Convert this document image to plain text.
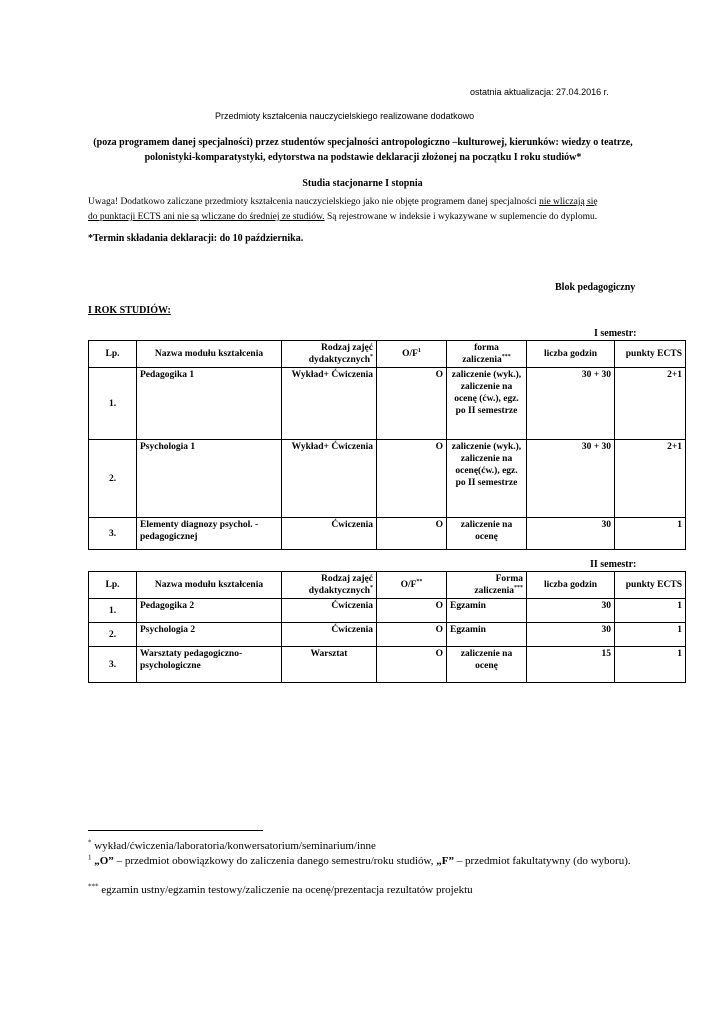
ostatnia aktualizacja: 27.04.2016 r.
Przedmioty kształcenia nauczycielskiego realizowane dodatkowo
(poza programem danej specjalności) przez studentów specjalności antropologiczno –kulturowej, kierunków: wiedzy o teatrze, polonistyki-komparatystyki, edytorstwa na podstawie deklaracji złożonej na początku I roku studiów*
Studia stacjonarne I stopnia
Uwaga! Dodatkowo zaliczane przedmioty kształcenia nauczycielskiego jako nie objęte programem danej specjalności nie wliczają się
do punktacji ECTS ani nie są wliczane do średniej ze studiów. Są rejestrowane w indeksie i wykazywane w suplemencie do dyplomu.
*Termin składania deklaracji: do 10 października.
Blok pedagogiczny
I ROK STUDIÓW:
I semestr:
Lp.	Nazwa modułu kształcenia	Rodzaj zajęć dydaktycznych*	$O/F^1$	forma zaliczenia***	liczba godzin	punkty ECTS
1.	Pedagogika 1	Wykład+ Ćwiczenia	O	zaliczenie (wyk.), zaliczenie na ocenę (ćw.), egz. po II semestrze	30 + 30	2+1
2.	Psychologia 1	Wykład+ Ćwiczenia	O	zaliczenie (wyk.), zaliczenie na ocenę(ćw.), egz. po II semestrze	30 + 30	2+1
3.	Elementy diagnozy psychol. - pedagogicznej	Ćwiczenia	O	zaliczenie na ocenę	30	1
II semestr:
Lp.	Nazwa modułu kształcenia	Rodzaj zajęć dydaktycznych*	O/F**	Forma zaliczenia***	liczba godzin	punkty ECTS
1.	Pedagogika 2	Ćwiczenia	O	Egzamin	30	1
2.	Psychologia 2	Ćwiczenia	O	Egzamin	30	1
3.	Warsztaty pedagogiczno-psychologiczne	Warsztat	O	zaliczenie na ocenę	15	1
* wykład/ćwiczenia/laboratoria/konwersatorium/seminarium/inne
$^1$ „O” – przedmiot obowiązkowy do zaliczenia danego semestru/roku studiów, „F” – przedmiot fakultatywny (do wyboru).
*** egzamin ustny/egzamin testowy/zaliczenie na ocenę/prezentacja rezultatów projektu
